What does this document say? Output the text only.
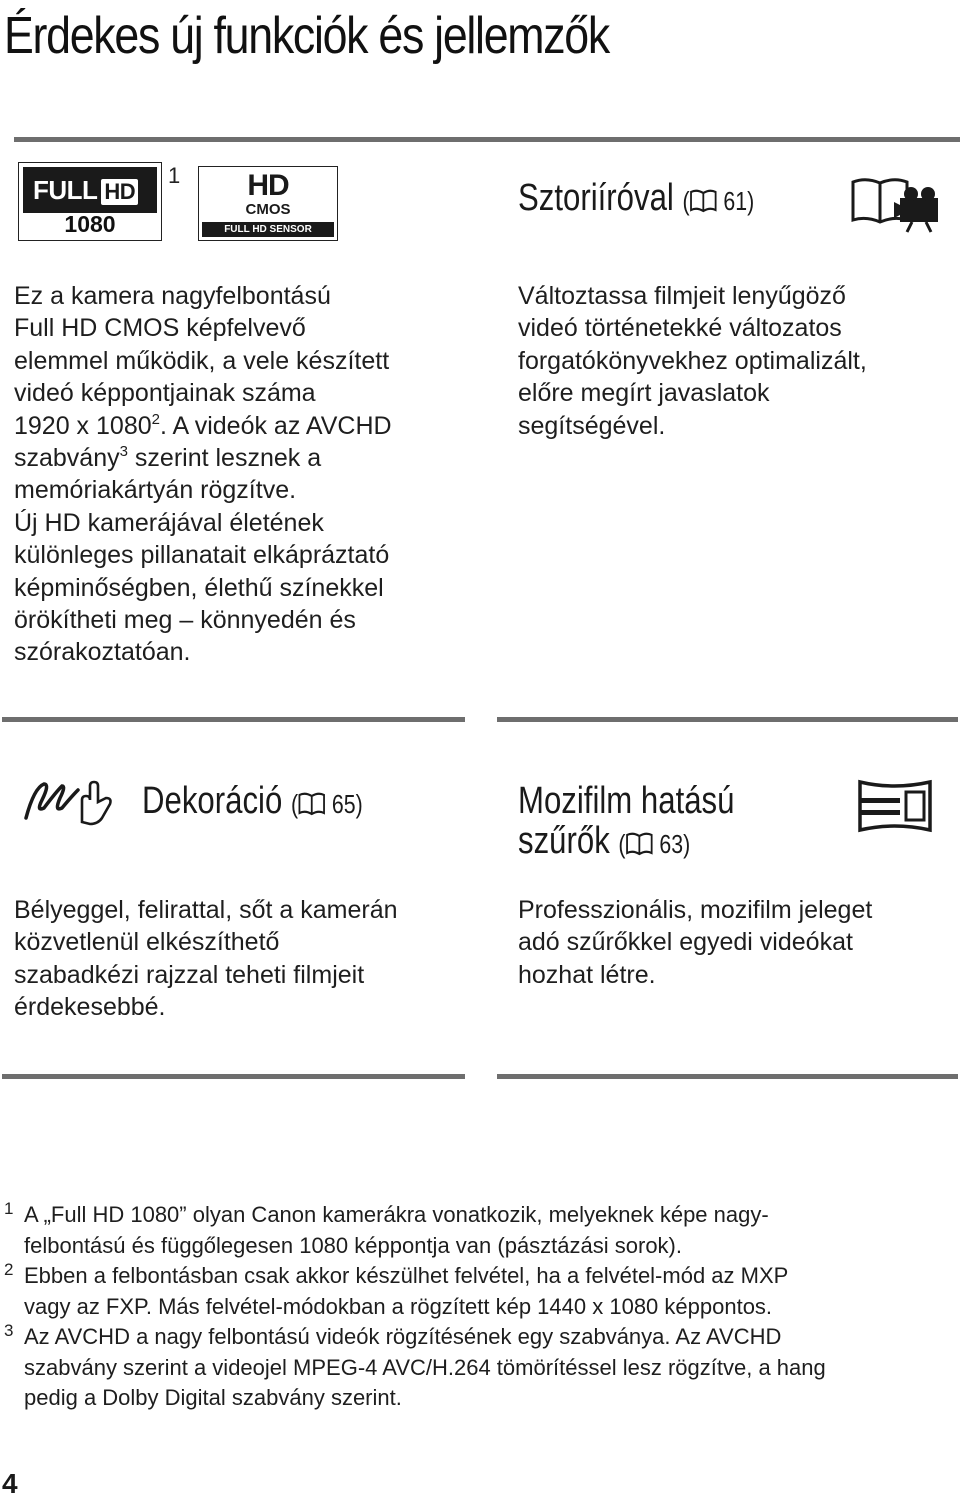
Érdekes új funkciók és jellemzők
FULL HD
1080
1	HD
CMOS
FULL HD SENSOR
Sztoriíróval ( 61)
Ez a kamera nagyfelbontású
Full HD CMOS képfelvevő
elemmel működik, a vele készített
videó képpontjainak száma
1920 x 1080$^2$. A videók az AVCHD
szabvány$^3$ szerint lesznek a
memóriakártyán rögzítve.
Új HD kamerájával életének
különleges pillanatait elkápráztató
képminőségben, élethű színekkel
örökítheti meg – könnyedén és
szórakoztatóan.
Változtassa filmjeit lenyűgöző
videó történetekké változatos
forgatókönyvekhez optimalizált,
előre megírt javaslatok
segítségével.
Dekoráció ( 65)
Bélyeggel, felirattal, sőt a kamerán
közvetlenül elkészíthető
szabadkézi rajzzal teheti filmjeit
érdekesebbé.
Mozifilm hatású
szűrők ( 63)
Professzionális, mozifilm jeleget
adó szűrőkkel egyedi videókat
hozhat létre.
1 A „Full HD 1080” olyan Canon kamerákra vonatkozik, melyeknek képe nagy-
felbontású és függőlegesen 1080 képpontja van (pásztázási sorok).
2 Ebben a felbontásban csak akkor készülhet felvétel, ha a felvétel-mód az MXP
vagy az FXP. Más felvétel-módokban a rögzített kép 1440 x 1080 képpontos.
3 Az AVCHD a nagy felbontású videók rögzítésének egy szabványa. Az AVCHD
szabvány szerint a videojel MPEG-4 AVC/H.264 tömörítéssel lesz rögzítve, a hang
pedig a Dolby Digital szabvány szerint.
4
